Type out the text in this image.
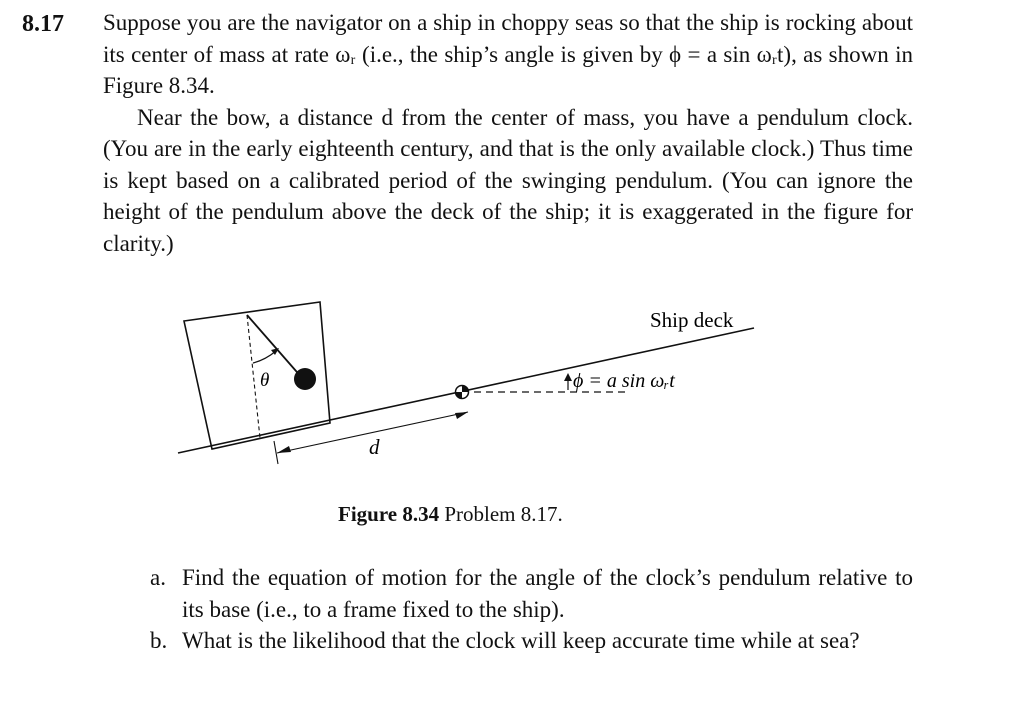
8.17 Suppose you are the navigator on a ship in choppy seas so that the ship is rocking about its center of mass at rate ωᵣ (i.e., the ship’s angle is given by ϕ = a sin ωᵣt), as shown in Figure 8.34.

Near the bow, a distance d from the center of mass, you have a pendulum clock. (You are in the early eighteenth century, and that is the only available clock.) Thus time is kept based on a calibrated period of the swinging pendulum. (You can ignore the height of the pendulum above the deck of the ship; it is exaggerated in the figure for clarity.)

θ
d
ϕ = a sin ωᵣt
Ship deck
Figure 8.34 Problem 8.17.

a. Find the equation of motion for the angle of the clock’s pendulum relative to its base (i.e., to a frame fixed to the ship).

b. What is the likelihood that the clock will keep accurate time while at sea?
